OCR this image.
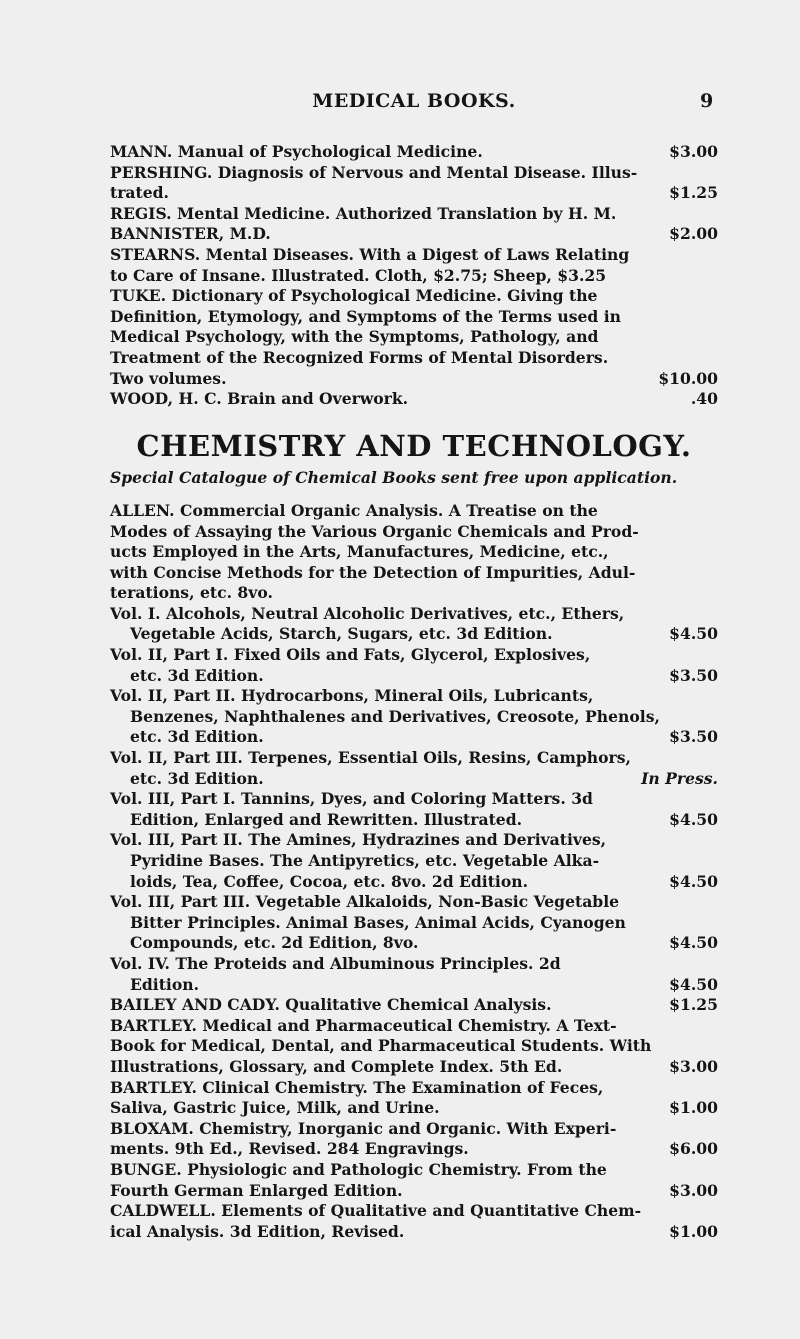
MEDICAL BOOKS.	9
MANN. Manual of Psychological Medicine.	$3.00
PERSHING. Diagnosis of Nervous and Mental Disease. Illus-
trated.	$1.25
REGIS. Mental Medicine. Authorized Translation by H. M.
BANNISTER, M.D.	$2.00
STEARNS. Mental Diseases. With a Digest of Laws Relating
to Care of Insane. Illustrated. Cloth, $2.75; Sheep, $3.25
TUKE. Dictionary of Psychological Medicine. Giving the
Definition, Etymology, and Symptoms of the Terms used in
Medical Psychology, with the Symptoms, Pathology, and
Treatment of the Recognized Forms of Mental Disorders.
Two volumes.	$10.00
WOOD, H. C. Brain and Overwork.	.40
CHEMISTRY AND TECHNOLOGY.
Special Catalogue of Chemical Books sent free upon application.
ALLEN. Commercial Organic Analysis. A Treatise on the
Modes of Assaying the Various Organic Chemicals and Prod-
ucts Employed in the Arts, Manufactures, Medicine, etc.,
with Concise Methods for the Detection of Impurities, Adul-
terations, etc. 8vo.
Vol. I. Alcohols, Neutral Alcoholic Derivatives, etc., Ethers,
Vegetable Acids, Starch, Sugars, etc. 3d Edition.	$4.50
Vol. II, Part I. Fixed Oils and Fats, Glycerol, Explosives,
etc. 3d Edition.	$3.50
Vol. II, Part II. Hydrocarbons, Mineral Oils, Lubricants,
Benzenes, Naphthalenes and Derivatives, Creosote, Phenols,
etc. 3d Edition.	$3.50
Vol. II, Part III. Terpenes, Essential Oils, Resins, Camphors,
etc. 3d Edition.	In Press.
Vol. III, Part I. Tannins, Dyes, and Coloring Matters. 3d
Edition, Enlarged and Rewritten. Illustrated.	$4.50
Vol. III, Part II. The Amines, Hydrazines and Derivatives,
Pyridine Bases. The Antipyretics, etc. Vegetable Alka-
loids, Tea, Coffee, Cocoa, etc. 8vo. 2d Edition.	$4.50
Vol. III, Part III. Vegetable Alkaloids, Non-Basic Vegetable
Bitter Principles. Animal Bases, Animal Acids, Cyanogen
Compounds, etc. 2d Edition, 8vo.	$4.50
Vol. IV. The Proteids and Albuminous Principles. 2d
Edition.	$4.50
BAILEY AND CADY. Qualitative Chemical Analysis.	$1.25
BARTLEY. Medical and Pharmaceutical Chemistry. A Text-
Book for Medical, Dental, and Pharmaceutical Students. With
Illustrations, Glossary, and Complete Index. 5th Ed.	$3.00
BARTLEY. Clinical Chemistry. The Examination of Feces,
Saliva, Gastric Juice, Milk, and Urine.	$1.00
BLOXAM. Chemistry, Inorganic and Organic. With Experi-
ments. 9th Ed., Revised. 284 Engravings.	$6.00
BUNGE. Physiologic and Pathologic Chemistry. From the
Fourth German Enlarged Edition.	$3.00
CALDWELL. Elements of Qualitative and Quantitative Chem-
ical Analysis. 3d Edition, Revised.	$1.00
